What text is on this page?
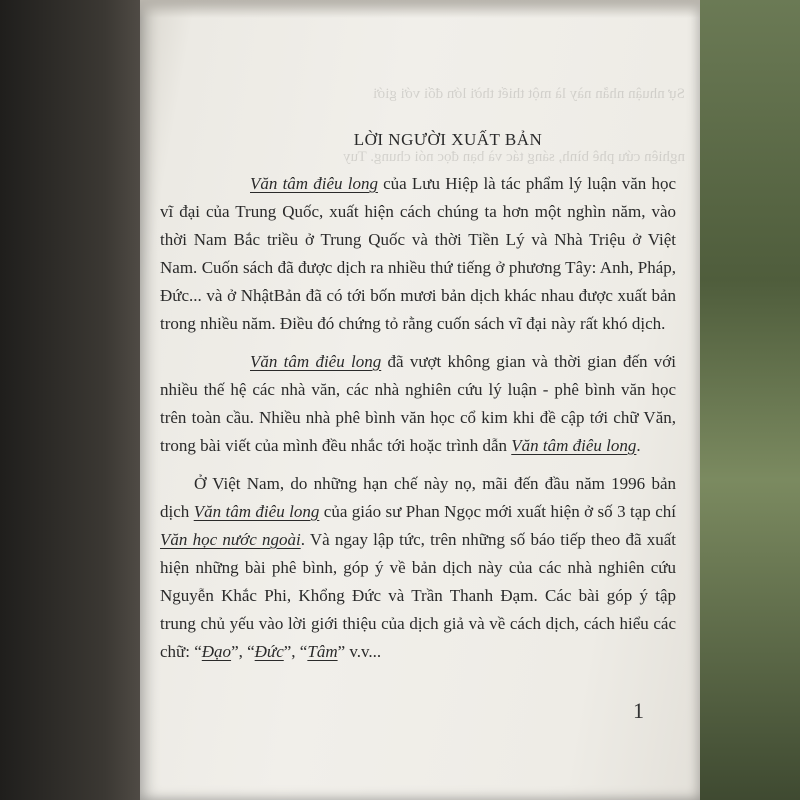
Sự nhuận nhẵn này là một thiết thời lớn đối với giới

nghiên cứu phê bình, sáng tác và bạn đọc nói chung. Tuy

LỜI NGƯỜI XUẤT BẢN

Văn tâm điêu long của Lưu Hiệp là tác phẩm lý luận văn học vĩ đại của Trung Quốc, xuất hiện cách chúng ta hơn một nghìn năm, vào thời Nam Bắc triều ở Trung Quốc và thời Tiền Lý và Nhà Triệu ở Việt Nam. Cuốn sách đã được dịch ra nhiều thứ tiếng ở phương Tây: Anh, Pháp, Đức... và ở NhậtBản đã có tới bốn mươi bản dịch khác nhau được xuất bản trong nhiều năm. Điều đó chứng tỏ rằng cuốn sách vĩ đại này rất khó dịch.

Văn tâm điêu long đã vượt không gian và thời gian đến với nhiều thế hệ các nhà văn, các nhà nghiên cứu lý luận - phê bình văn học trên toàn cầu. Nhiều nhà phê bình văn học cổ kim khi đề cập tới chữ Văn, trong bài viết của mình đều nhắc tới hoặc trình dẫn Văn tâm điêu long.

Ở Việt Nam, do những hạn chế này nọ, mãi đến đầu năm 1996 bản dịch Văn tâm điêu long của giáo sư Phan Ngọc mới xuất hiện ở số 3 tạp chí Văn học nước ngoài. Và ngay lập tức, trên những số báo tiếp theo đã xuất hiện những bài phê bình, góp ý về bản dịch này của các nhà nghiên cứu Nguyễn Khắc Phi, Khổng Đức và Trần Thanh Đạm. Các bài góp ý tập trung chủ yếu vào lời giới thiệu của dịch giả và về cách dịch, cách hiểu các chữ: “Đạo”, “Đức”, “Tâm” v.v...

1
